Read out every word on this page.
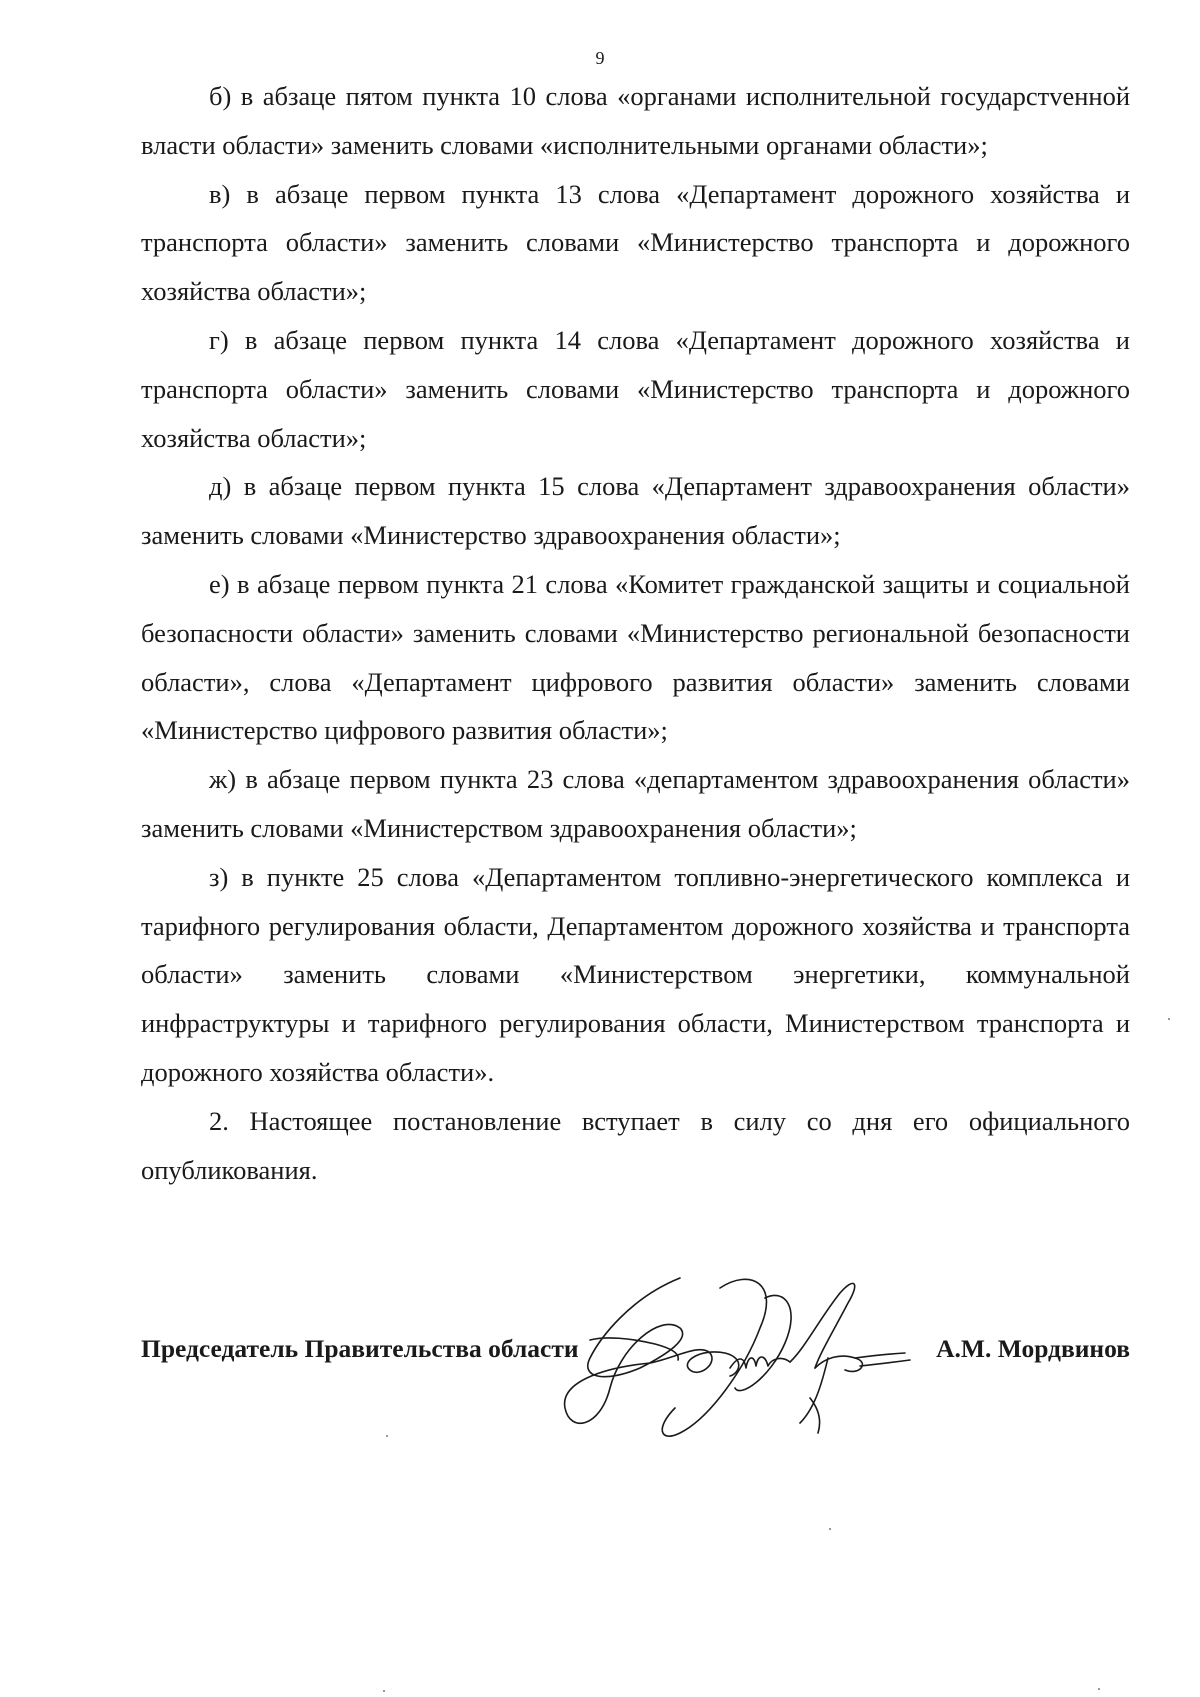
9

б) в абзаце пятом пункта 10 слова «органами исполнительной государстvенной власти области» заменить словами «исполнительными органами области»;

в) в абзаце первом пункта 13 слова «Департамент дорожного хозяйства и транспорта области» заменить словами «Министерство транспорта и дорожного хозяйства области»;

г) в абзаце первом пункта 14 слова «Департамент дорожного хозяйства и транспорта области» заменить словами «Министерство транспорта и дорожного хозяйства области»;

д) в абзаце первом пункта 15 слова «Департамент здравоохранения области» заменить словами «Министерство здравоохранения области»;

е) в абзаце первом пункта 21 слова «Комитет гражданской защиты и социальной безопасности области» заменить словами «Министерство региональной безопасности области», слова «Департамент цифрового развития области» заменить словами «Министерство цифрового развития области»;

ж) в абзаце первом пункта 23 слова «департаментом здравоохранения области» заменить словами «Министерством здравоохранения области»;

з) в пункте 25 слова «Департаментом топливно-энергетического комплекса и тарифного регулирования области, Департаментом дорожного хозяйства и транспорта области» заменить словами «Министерством энергетики, коммунальной инфраструктуры и тарифного регулирования области, Министерством транспорта и дорожного хозяйства области».

2. Настоящее постановление вступает в силу со дня его официального опубликования.

Председатель Правительства области	А.М. Мордвинов
